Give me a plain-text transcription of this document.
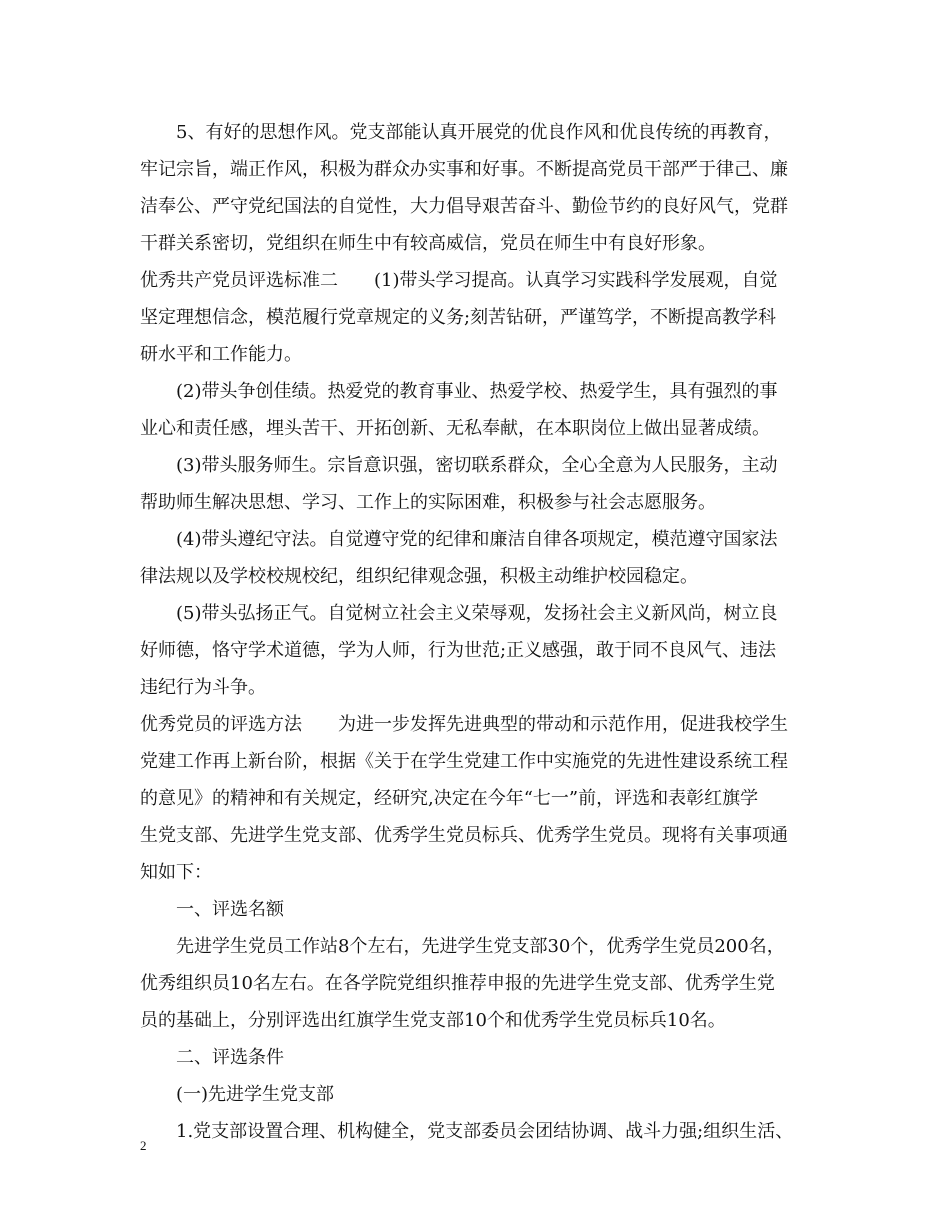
5、有好的思想作风。党支部能认真开展党的优良作风和优良传统的再教育，
牢记宗旨，端正作风，积极为群众办实事和好事。不断提高党员干部严于律己、廉
洁奉公、严守党纪国法的自觉性，大力倡导艰苦奋斗、勤俭节约的良好风气，党群
干群关系密切，党组织在师生中有较高威信，党员在师生中有良好形象。
优秀共产党员评选标准二　　(1)带头学习提高。认真学习实践科学发展观，自觉
坚定理想信念，模范履行党章规定的义务;刻苦钻研，严谨笃学，不断提高教学科
研水平和工作能力。
(2)带头争创佳绩。热爱党的教育事业、热爱学校、热爱学生，具有强烈的事
业心和责任感，埋头苦干、开拓创新、无私奉献，在本职岗位上做出显著成绩。
(3)带头服务师生。宗旨意识强，密切联系群众，全心全意为人民服务，主动
帮助师生解决思想、学习、工作上的实际困难，积极参与社会志愿服务。
(4)带头遵纪守法。自觉遵守党的纪律和廉洁自律各项规定，模范遵守国家法
律法规以及学校校规校纪，组织纪律观念强，积极主动维护校园稳定。
(5)带头弘扬正气。自觉树立社会主义荣辱观，发扬社会主义新风尚，树立良
好师德，恪守学术道德，学为人师，行为世范;正义感强，敢于同不良风气、违法
违纪行为斗争。
优秀党员的评选方法　　为进一步发挥先进典型的带动和示范作用，促进我校学生
党建工作再上新台阶，根据《关于在学生党建工作中实施党的先进性建设系统工程
的意见》的精神和有关规定，经研究,决定在今年“七一”前，评选和表彰红旗学
生党支部、先进学生党支部、优秀学生党员标兵、优秀学生党员。现将有关事项通
知如下：
一、评选名额
先进学生党员工作站8个左右，先进学生党支部30个，优秀学生党员200名，
优秀组织员10名左右。在各学院党组织推荐申报的先进学生党支部、优秀学生党
员的基础上，分别评选出红旗学生党支部10个和优秀学生党员标兵10名。
二、评选条件
(一)先进学生党支部
1.党支部设置合理、机构健全，党支部委员会团结协调、战斗力强;组织生活、
2
